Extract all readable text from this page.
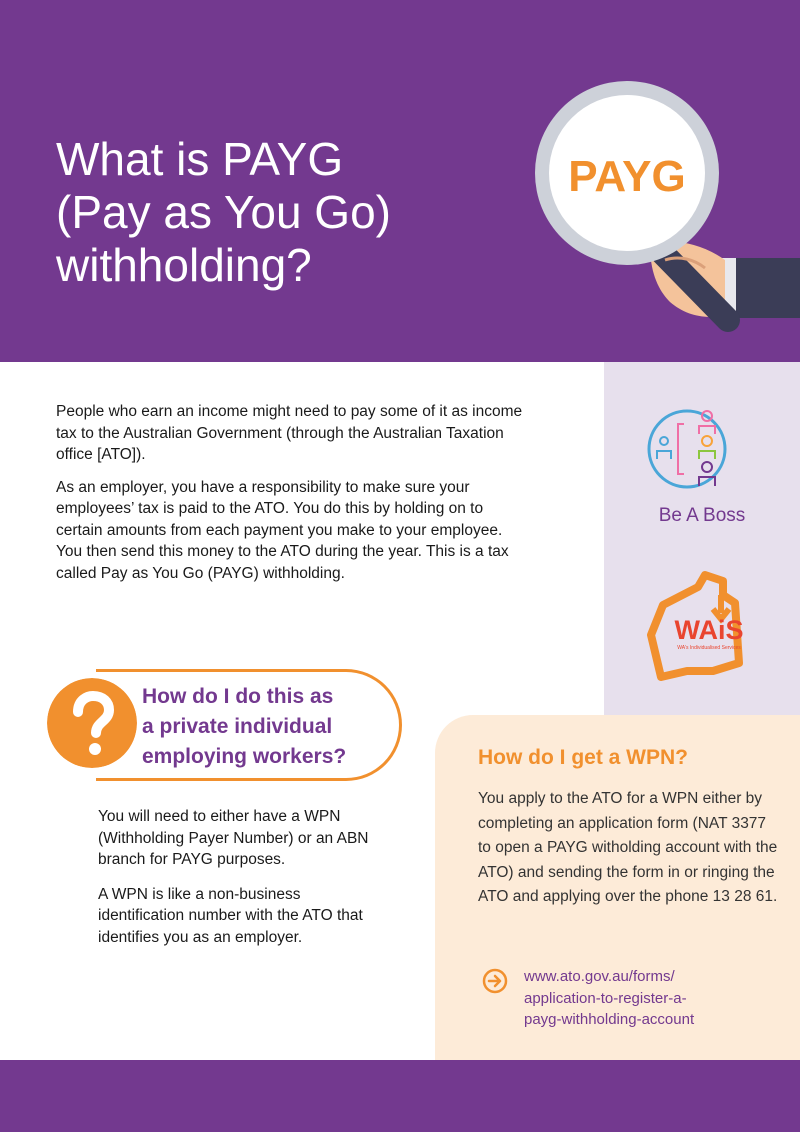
What is PAYG
(Pay as You Go)
withholding?
PAYG
Be A Boss
WAiS
WA's Individualised Services

People who earn an income might need to pay some of it as income tax to the Australian Government (through the Australian Taxation office [ATO]).

As an employer, you have a responsibility to make sure your employees’ tax is paid to the ATO. You do this by holding on to certain amounts from each payment you make to your employee. You then send this money to the ATO during the year. This is a tax called Pay as You Go (PAYG) withholding.

How do I do this as
a private individual
employing workers?

You will need to either have a WPN (Withholding Payer Number) or an ABN branch for PAYG purposes.

A WPN is like a non-business identification number with the ATO that identifies you as an employer.

How do I get a WPN?
You apply to the ATO for a WPN either by completing an application form (NAT 3377 to open a PAYG witholding account with the ATO) and sending the form in or ringing the ATO and applying over the phone 13 28 61.
www.ato.gov.au/forms/
application-to-register-a-
payg-withholding-account
